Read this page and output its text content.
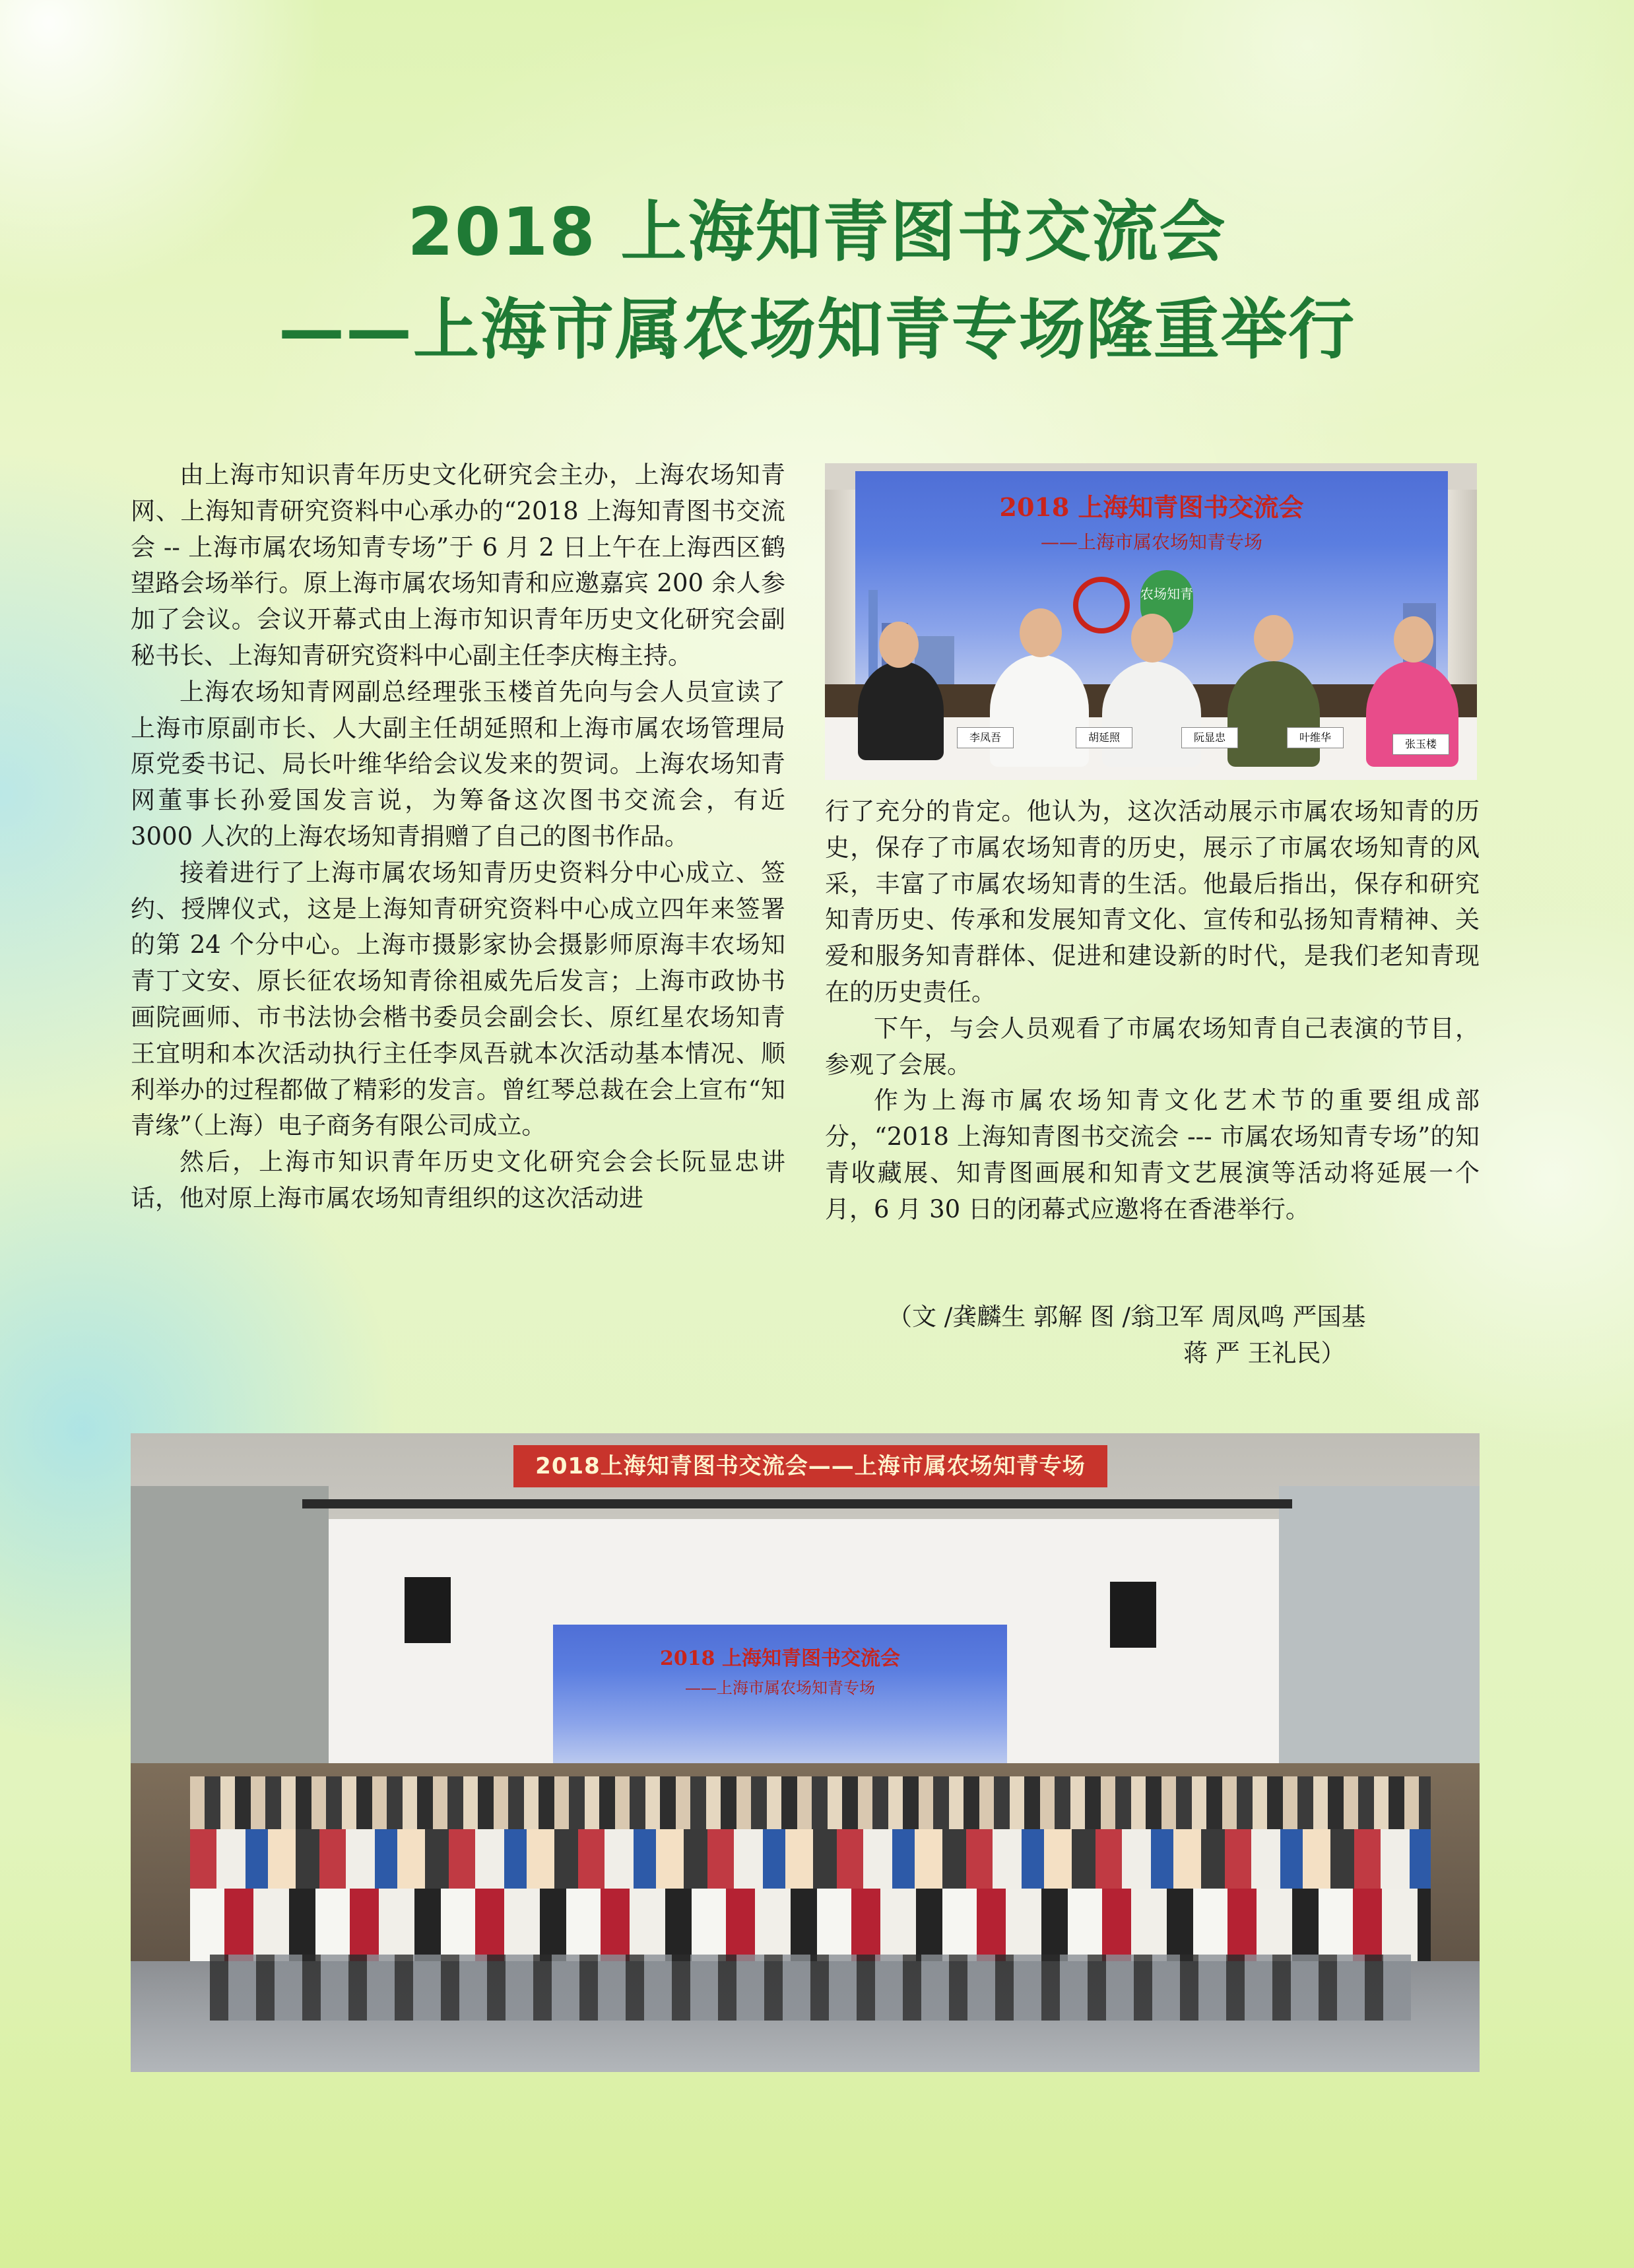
2018 上海知青图书交流会
——上海市属农场知青专场隆重举行

由上海市知识青年历史文化研究会主办，上海农场知青网、上海知青研究资料中心承办的“2018 上海知青图书交流会 -- 上海市属农场知青专场”于 6 月 2 日上午在上海西区鹤望路会场举行。原上海市属农场知青和应邀嘉宾 200 余人参加了会议。会议开幕式由上海市知识青年历史文化研究会副秘书长、上海知青研究资料中心副主任李庆梅主持。

上海农场知青网副总经理张玉楼首先向与会人员宣读了上海市原副市长、人大副主任胡延照和上海市属农场管理局原党委书记、局长叶维华给会议发来的贺词。上海农场知青网董事长孙爱国发言说，为筹备这次图书交流会，有近 3000 人次的上海农场知青捐赠了自己的图书作品。

接着进行了上海市属农场知青历史资料分中心成立、签约、授牌仪式，这是上海知青研究资料中心成立四年来签署的第 24 个分中心。上海市摄影家协会摄影师原海丰农场知青丁文安、原长征农场知青徐祖威先后发言；上海市政协书画院画师、市书法协会楷书委员会副会长、原红星农场知青王宜明和本次活动执行主任李凤吾就本次活动基本情况、顺利举办的过程都做了精彩的发言。曾红琴总裁在会上宣布“知青缘”（上海）电子商务有限公司成立。

然后，上海市知识青年历史文化研究会会长阮显忠讲话，他对原上海市属农场知青组织的这次活动进

2018 上海知青图书交流会
——上海市属农场知青专场
农场知青
李凤吾	胡延照	阮显忠	叶维华
张玉楼

行了充分的肯定。他认为，这次活动展示市属农场知青的历史，保存了市属农场知青的历史，展示了市属农场知青的风采，丰富了市属农场知青的生活。他最后指出，保存和研究知青历史、传承和发展知青文化、宣传和弘扬知青精神、关爱和服务知青群体、促进和建设新的时代，是我们老知青现在的历史责任。

下午，与会人员观看了市属农场知青自己表演的节目，参观了会展。

作为上海市属农场知青文化艺术节的重要组成部分，“2018 上海知青图书交流会 --- 市属农场知青专场”的知青收藏展、知青图画展和知青文艺展演等活动将延展一个月，6 月 30 日的闭幕式应邀将在香港举行。

（文 /龚麟生 郭解 图 /翁卫军 周凤鸣 严国基
蒋 严 王礼民）
2018上海知青图书交流会——上海市属农场知青专场
2018 上海知青图书交流会
——上海市属农场知青专场
